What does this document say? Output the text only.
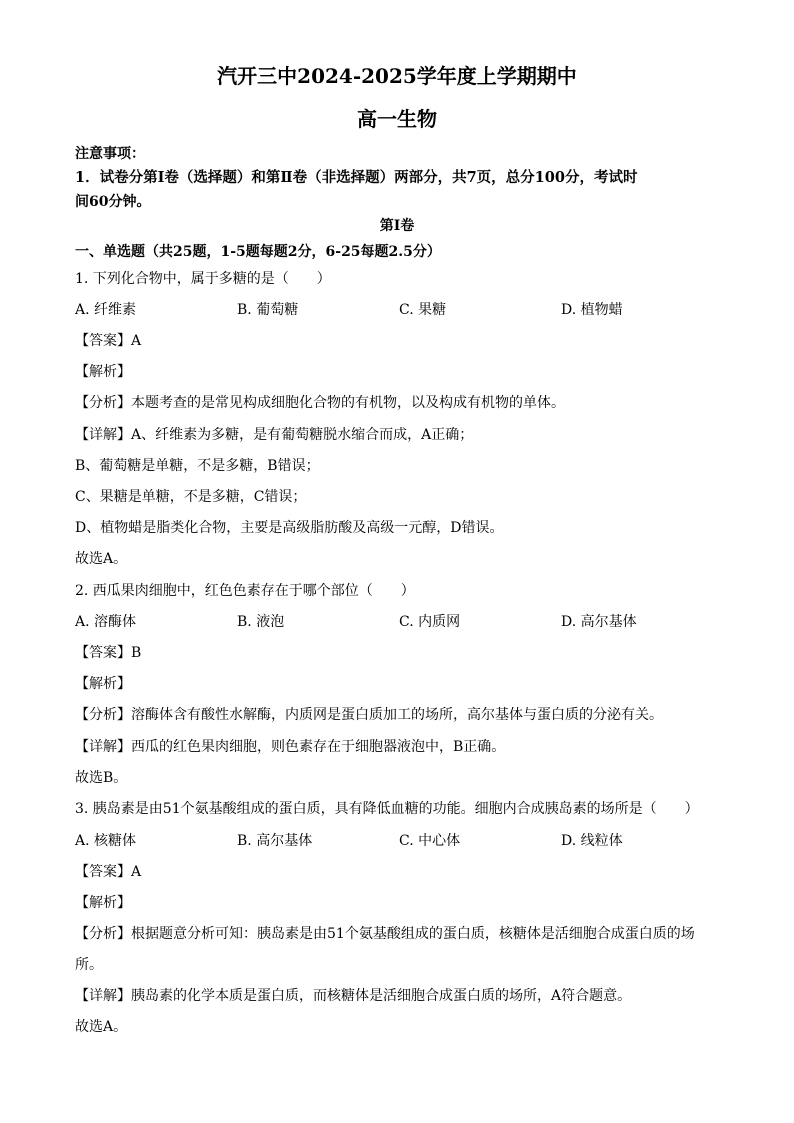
汽开三中2024-2025学年度上学期期中
高一生物
注意事项：
1．试卷分第Ⅰ卷（选择题）和第Ⅱ卷（非选择题）两部分，共7页，总分100分，考试时
间60分钟。
第Ⅰ卷
一、单选题（共25题，1-5题每题2分，6-25每题2.5分）
1. 下列化合物中，属于多糖的是（　　）
A. 纤维素	B. 葡萄糖	C. 果糖	D. 植物蜡
【答案】A
【解析】
【分析】本题考查的是常见构成细胞化合物的有机物，以及构成有机物的单体。
【详解】A、纤维素为多糖，是有葡萄糖脱水缩合而成，A正确；
B、葡萄糖是单糖，不是多糖，B错误；
C、果糖是单糖，不是多糖，C错误；
D、植物蜡是脂类化合物，主要是高级脂肪酸及高级一元醇，D错误。
故选A。
2. 西瓜果肉细胞中，红色色素存在于哪个部位（　　）
A. 溶酶体	B. 液泡	C. 内质网	D. 高尔基体
【答案】B
【解析】
【分析】溶酶体含有酸性水解酶，内质网是蛋白质加工的场所，高尔基体与蛋白质的分泌有关。
【详解】西瓜的红色果肉细胞，则色素存在于细胞器液泡中，B正确。
故选B。
3. 胰岛素是由51个氨基酸组成的蛋白质，具有降低血糖的功能。细胞内合成胰岛素的场所是（　　）
A. 核糖体	B. 高尔基体	C. 中心体	D. 线粒体
【答案】A
【解析】
【分析】根据题意分析可知：胰岛素是由51个氨基酸组成的蛋白质，核糖体是活细胞合成蛋白质的场
所。
【详解】胰岛素的化学本质是蛋白质，而核糖体是活细胞合成蛋白质的场所，A符合题意。
故选A。
